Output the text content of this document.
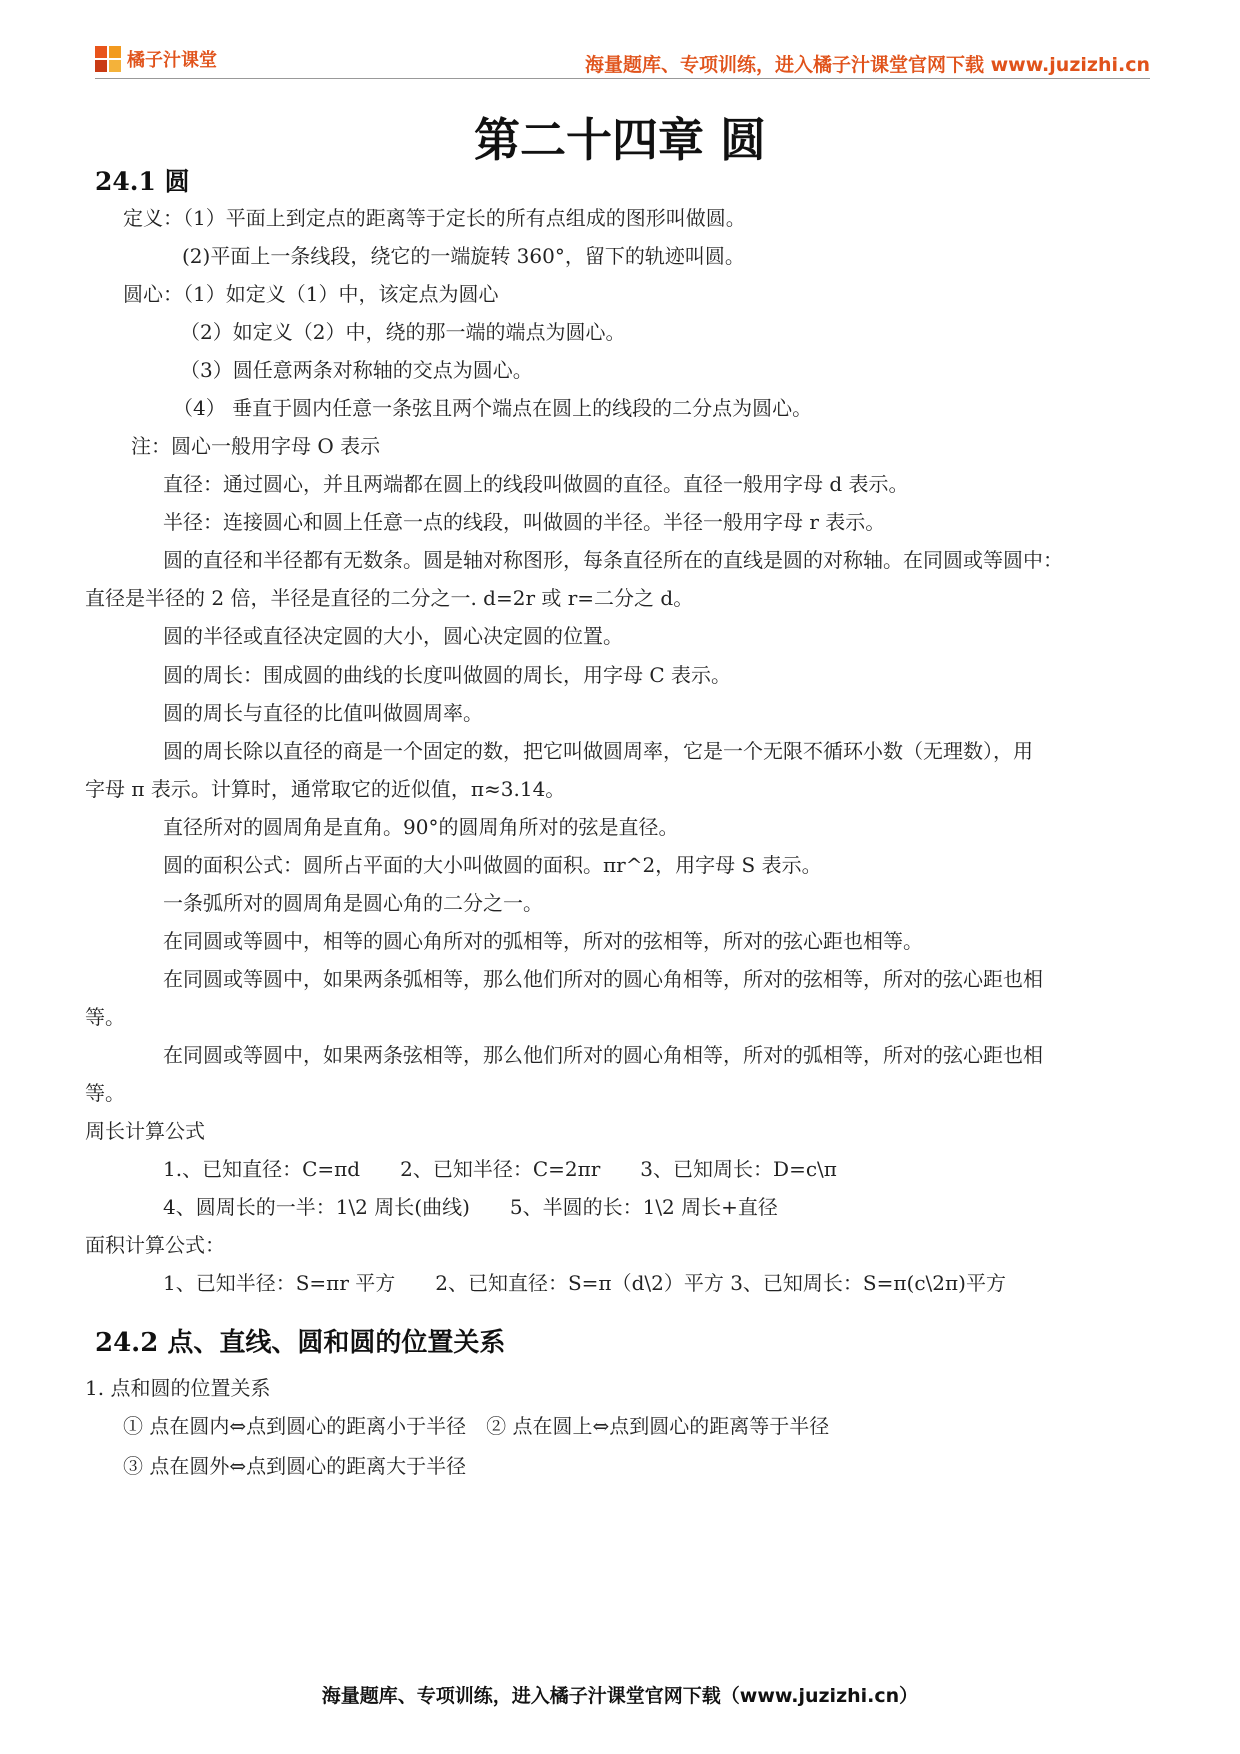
橘子汁课堂	海量题库、专项训练，进入橘子汁课堂官网下载 www.juzizhi.cn
第二十四章 圆
24.1 圆
定义：（1）平面上到定点的距离等于定长的所有点组成的图形叫做圆。
(2)平面上一条线段，绕它的一端旋转 360°，留下的轨迹叫圆。
圆心：（1）如定义（1）中，该定点为圆心
（2）如定义（2）中，绕的那一端的端点为圆心。
（3）圆任意两条对称轴的交点为圆心。
（4） 垂直于圆内任意一条弦且两个端点在圆上的线段的二分点为圆心。
注：圆心一般用字母 O 表示
直径：通过圆心，并且两端都在圆上的线段叫做圆的直径。直径一般用字母 d 表示。
半径：连接圆心和圆上任意一点的线段，叫做圆的半径。半径一般用字母 r 表示。
圆的直径和半径都有无数条。圆是轴对称图形，每条直径所在的直线是圆的对称轴。在同圆或等圆中：
直径是半径的 2 倍，半径是直径的二分之一. d=2r 或 r=二分之 d。
圆的半径或直径决定圆的大小，圆心决定圆的位置。
圆的周长：围成圆的曲线的长度叫做圆的周长，用字母 C 表示。
圆的周长与直径的比值叫做圆周率。
圆的周长除以直径的商是一个固定的数，把它叫做圆周率，它是一个无限不循环小数（无理数），用
字母 π 表示。计算时，通常取它的近似值，π≈3.14。
直径所对的圆周角是直角。90°的圆周角所对的弦是直径。
圆的面积公式：圆所占平面的大小叫做圆的面积。πr^2，用字母 S 表示。
一条弧所对的圆周角是圆心角的二分之一。
在同圆或等圆中，相等的圆心角所对的弧相等，所对的弦相等，所对的弦心距也相等。
在同圆或等圆中，如果两条弧相等，那么他们所对的圆心角相等，所对的弦相等，所对的弦心距也相
等。
在同圆或等圆中，如果两条弦相等，那么他们所对的圆心角相等，所对的弧相等，所对的弦心距也相
等。
周长计算公式
1.、已知直径：C=πd　　2、已知半径：C=2πr　　3、已知周长：D=c\π
4、圆周长的一半：1\2 周长(曲线)　　5、半圆的长：1\2 周长+直径
面积计算公式：
1、已知半径：S=πr 平方　　2、已知直径：S=π（d\2）平方 3、已知周长：S=π(c\2π)平方
24.2 点、直线、圆和圆的位置关系
1. 点和圆的位置关系
① 点在圆内⇔点到圆心的距离小于半径　② 点在圆上⇔点到圆心的距离等于半径
③ 点在圆外⇔点到圆心的距离大于半径
海量题库、专项训练，进入橘子汁课堂官网下载（www.juzizhi.cn）
